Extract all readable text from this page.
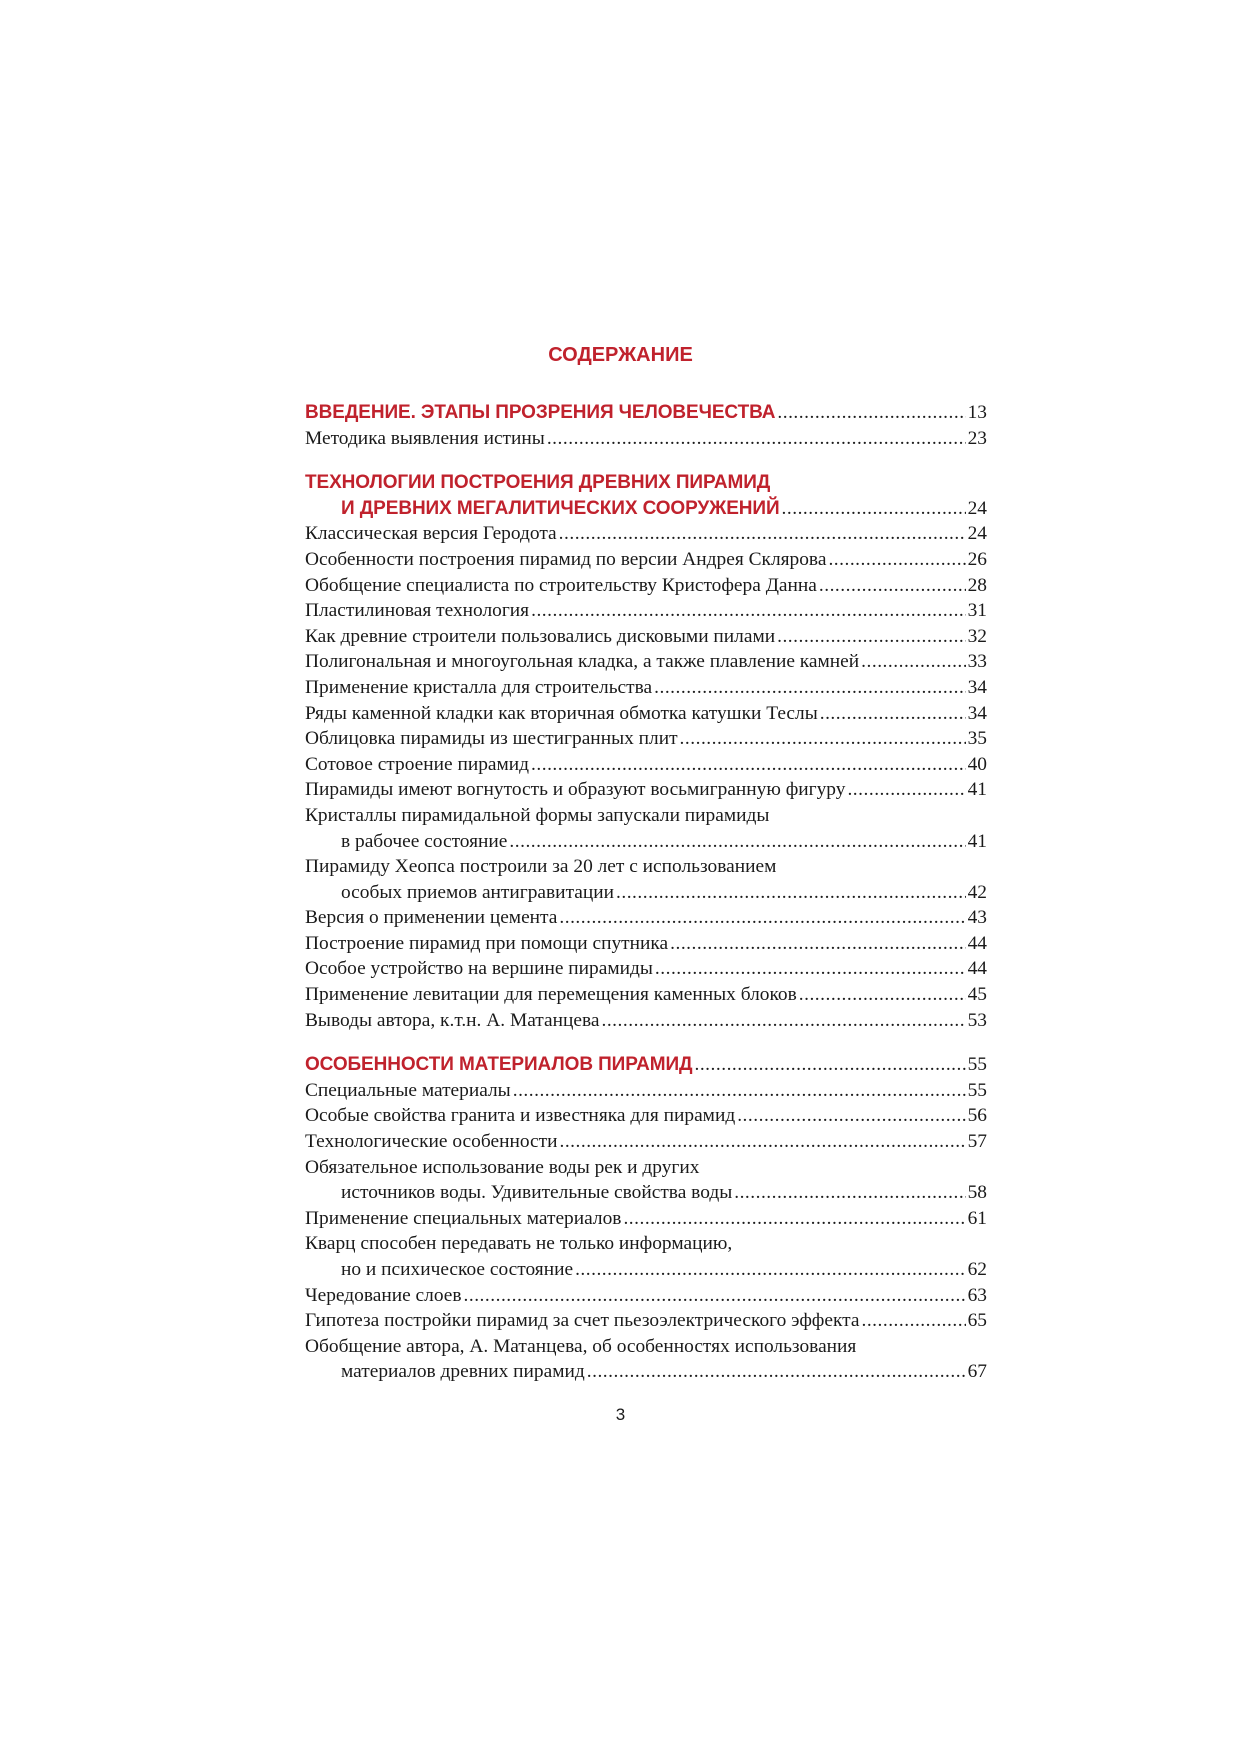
СОДЕРЖАНИЕ
ВВЕДЕНИЕ. ЭТАПЫ ПРОЗРЕНИЯ ЧЕЛОВЕЧЕСТВА .....	13
Методика выявления истины .....	23
ТЕХНОЛОГИИ ПОСТРОЕНИЯ ДРЕВНИХ ПИРАМИД
И ДРЕВНИХ МЕГАЛИТИЧЕСКИХ СООРУЖЕНИЙ .....	24
Классическая версия Геродота .....	24
Особенности построения пирамид по версии Андрея Склярова .....	26
Обобщение специалиста по строительству Кристофера Данна .....	28
Пластилиновая технология .....	31
Как древние строители пользовались дисковыми пилами .....	32
Полигональная и многоугольная кладка, а также плавление камней .....	33
Применение кристалла для строительства .....	34
Ряды каменной кладки как вторичная обмотка катушки Теслы .....	34
Облицовка пирамиды из шестигранных плит .....	35
Сотовое строение пирамид .....	40
Пирамиды имеют вогнутость и образуют восьмигранную фигуру .....	41
Кристаллы пирамидальной формы запускали пирамиды
в рабочее состояние .....	41
Пирамиду Хеопса построили за 20 лет с использованием
особых приемов антигравитации .....	42
Версия о применении цемента .....	43
Построение пирамид при помощи спутника .....	44
Особое устройство на вершине пирамиды .....	44
Применение левитации для перемещения каменных блоков .....	45
Выводы автора, к.т.н. А. Матанцева .....	53
ОСОБЕННОСТИ МАТЕРИАЛОВ ПИРАМИД .....	55
Специальные материалы .....	55
Особые свойства гранита и известняка для пирамид .....	56
Технологические особенности .....	57
Обязательное использование воды рек и других
источников воды. Удивительные свойства воды .....	58
Применение специальных материалов .....	61
Кварц способен передавать не только информацию,
но и психическое состояние .....	62
Чередование слоев .....	63
Гипотеза постройки пирамид за счет пьезоэлектрического эффекта .....	65
Обобщение автора, А. Матанцева, об особенностях использования
материалов древних пирамид .....	67
3
